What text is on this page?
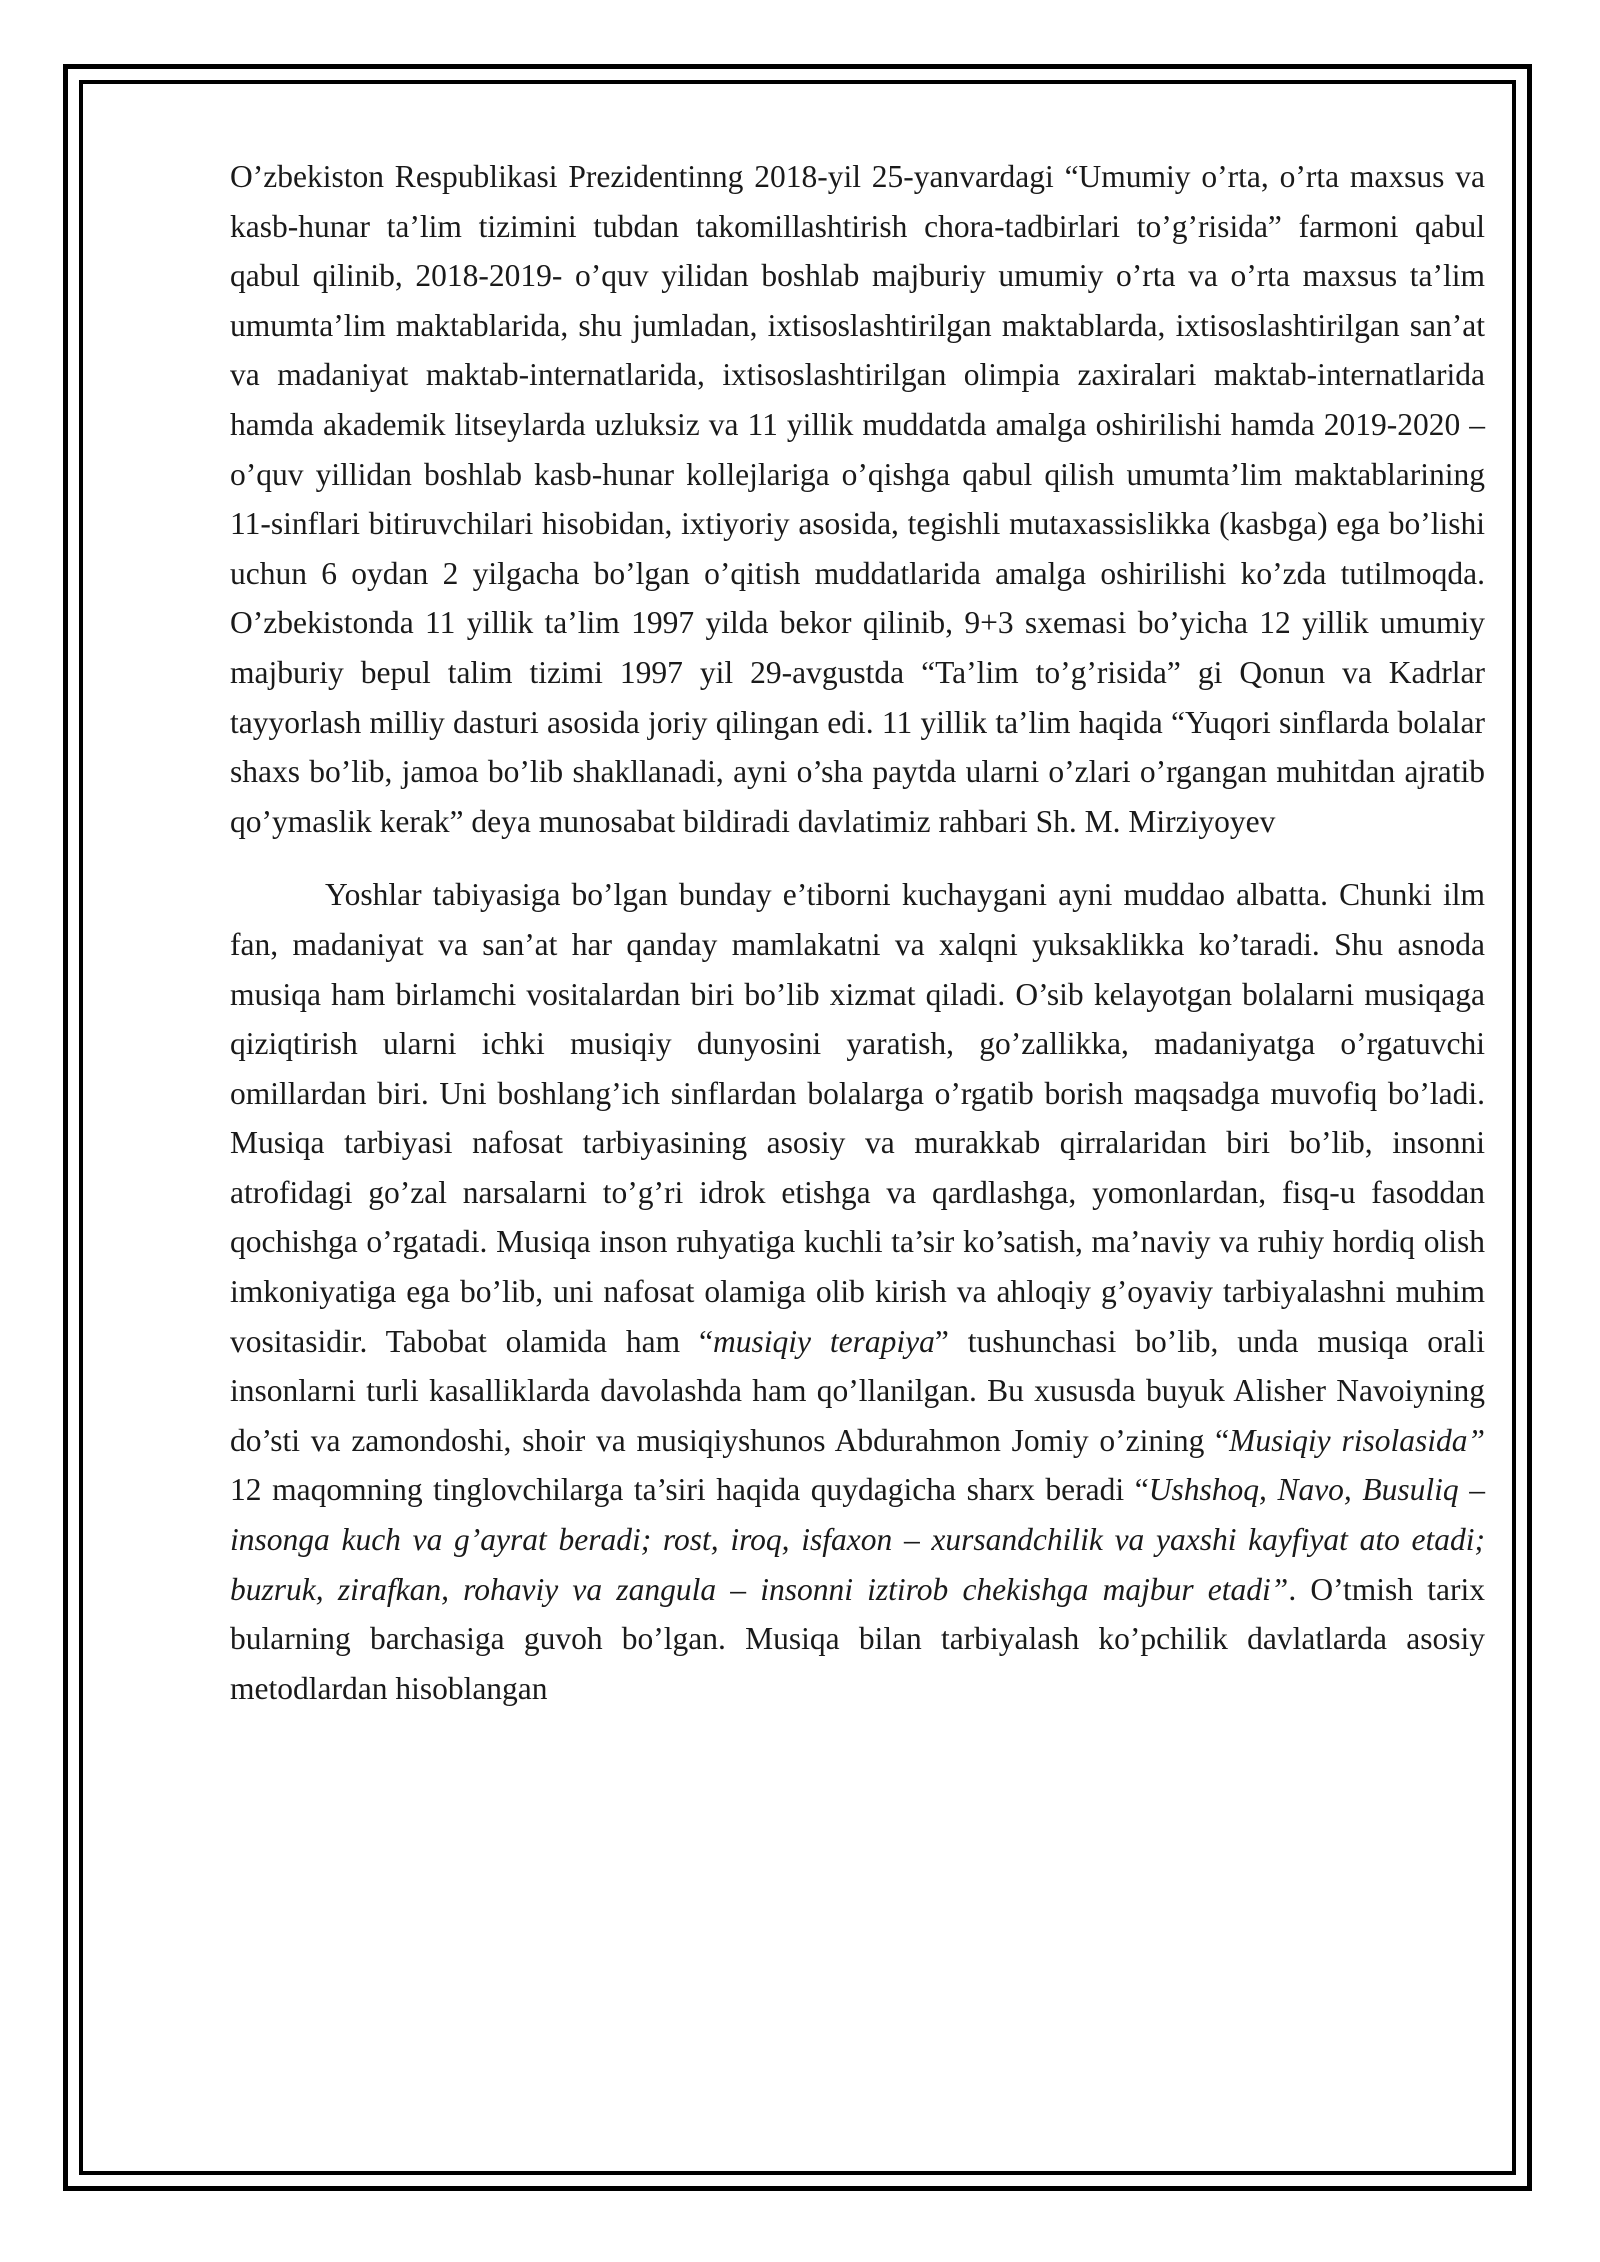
O’zbekiston Respublikasi Prezidentinng 2018-yil 25-yanvardagi “Umumiy o’rta, o’rta maxsus va kasb-hunar ta’lim tizimini tubdan takomillashtirish chora-tadbirlari to’g’risida” farmoni qabul qabul qilinib, 2018-2019- o’quv yilidan boshlab majburiy umumiy o’rta va o’rta maxsus ta’lim umumta’lim maktablarida, shu jumladan, ixtisoslashtirilgan maktablarda, ixtisoslashtirilgan san’at va madaniyat maktab-internatlarida, ixtisoslashtirilgan olimpia zaxiralari maktab-internatlarida hamda akademik litseylarda uzluksiz va 11 yillik muddatda amalga oshirilishi hamda 2019-2020 – o’quv yillidan boshlab kasb-hunar kollejlariga o’qishga qabul qilish umumta’lim maktablarining 11-sinflari bitiruvchilari hisobidan, ixtiyoriy asosida, tegishli mutaxassislikka (kasbga) ega bo’lishi uchun 6 oydan 2 yilgacha bo’lgan o’qitish muddatlarida amalga oshirilishi ko’zda tutilmoqda. O’zbekistonda 11 yillik ta’lim 1997 yilda bekor qilinib, 9+3 sxemasi bo’yicha 12 yillik umumiy majburiy bepul talim tizimi 1997 yil 29-avgustda “Ta’lim to’g’risida” gi Qonun va Kadrlar tayyorlash milliy dasturi asosida joriy qilingan edi. 11 yillik ta’lim haqida “Yuqori sinflarda bolalar shaxs bo’lib, jamoa bo’lib shakllanadi, ayni o’sha paytda ularni o’zlari o’rgangan muhitdan ajratib qo’ymaslik kerak” deya munosabat bildiradi davlatimiz rahbari Sh. M. Mirziyoyev

Yoshlar tabiyasiga bo’lgan bunday e’tiborni kuchaygani ayni muddao albatta. Chunki ilm fan, madaniyat va san’at har qanday mamlakatni va xalqni yuksaklikka ko’taradi. Shu asnoda musiqa ham birlamchi vositalardan biri bo’lib xizmat qiladi. O’sib kelayotgan bolalarni musiqaga qiziqtirish ularni ichki musiqiy dunyosini yaratish, go’zallikka, madaniyatga o’rgatuvchi omillardan biri. Uni boshlang’ich sinflardan bolalarga o’rgatib borish maqsadga muvofiq bo’ladi. Musiqa tarbiyasi nafosat tarbiyasining asosiy va murakkab qirralaridan biri bo’lib, insonni atrofidagi go’zal narsalarni to’g’ri idrok etishga va qardlashga, yomonlardan, fisq-u fasoddan qochishga o’rgatadi. Musiqa inson ruhyatiga kuchli ta’sir ko’satish, ma’naviy va ruhiy hordiq olish imkoniyatiga ega bo’lib, uni nafosat olamiga olib kirish va ahloqiy g’oyaviy tarbiyalashni muhim vositasidir. Tabobat olamida ham “musiqiy terapiya” tushunchasi bo’lib, unda musiqa orali insonlarni turli kasalliklarda davolashda ham qo’llanilgan. Bu xususda buyuk Alisher Navoiyning do’sti va zamondoshi, shoir va musiqiyshunos Abdurahmon Jomiy o’zining “Musiqiy risolasida” 12 maqomning tinglovchilarga ta’siri haqida quydagicha sharx beradi “Ushshoq, Navo, Busuliq – insonga kuch va g’ayrat beradi; rost, iroq, isfaxon – xursandchilik va yaxshi kayfiyat ato etadi; buzruk, zirafkan, rohaviy va zangula – insonni iztirob chekishga majbur etadi”. O’tmish tarix bularning barchasiga guvoh bo’lgan. Musiqa bilan tarbiyalash ko’pchilik davlatlarda asosiy metodlardan hisoblangan
